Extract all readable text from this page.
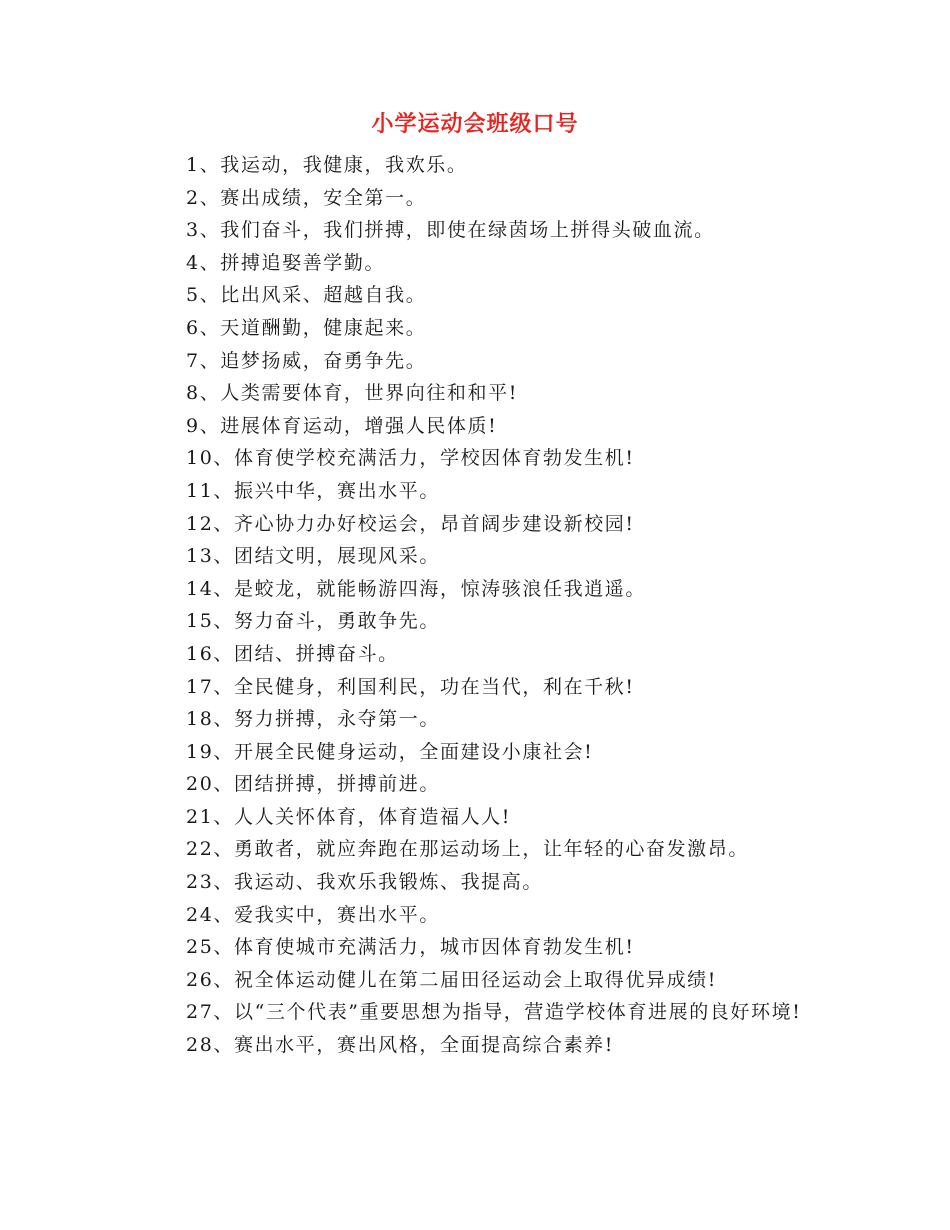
小学运动会班级口号
1、我运动，我健康，我欢乐。
2、赛出成绩，安全第一。
3、我们奋斗，我们拼搏，即使在绿茵场上拼得头破血流。
4、拼搏追娶善学勤。
5、比出风采、超越自我。
6、天道酬勤，健康起来。
7、追梦扬威，奋勇争先。
8、人类需要体育，世界向往和和平!
9、进展体育运动，增强人民体质!
10、体育使学校充满活力，学校因体育勃发生机!
11、振兴中华，赛出水平。
12、齐心协力办好校运会，昂首阔步建设新校园!
13、团结文明，展现风采。
14、是蛟龙，就能畅游四海，惊涛骇浪任我逍遥。
15、努力奋斗，勇敢争先。
16、团结、拼搏奋斗。
17、全民健身，利国利民，功在当代，利在千秋!
18、努力拼搏，永夺第一。
19、开展全民健身运动，全面建设小康社会!
20、团结拼搏，拼搏前进。
21、人人关怀体育，体育造福人人!
22、勇敢者，就应奔跑在那运动场上，让年轻的心奋发激昂。
23、我运动、我欢乐我锻炼、我提高。
24、爱我实中，赛出水平。
25、体育使城市充满活力，城市因体育勃发生机!
26、祝全体运动健儿在第二届田径运动会上取得优异成绩!
27、以“三个代表”重要思想为指导，营造学校体育进展的良好环境!
28、赛出水平，赛出风格，全面提高综合素养!
